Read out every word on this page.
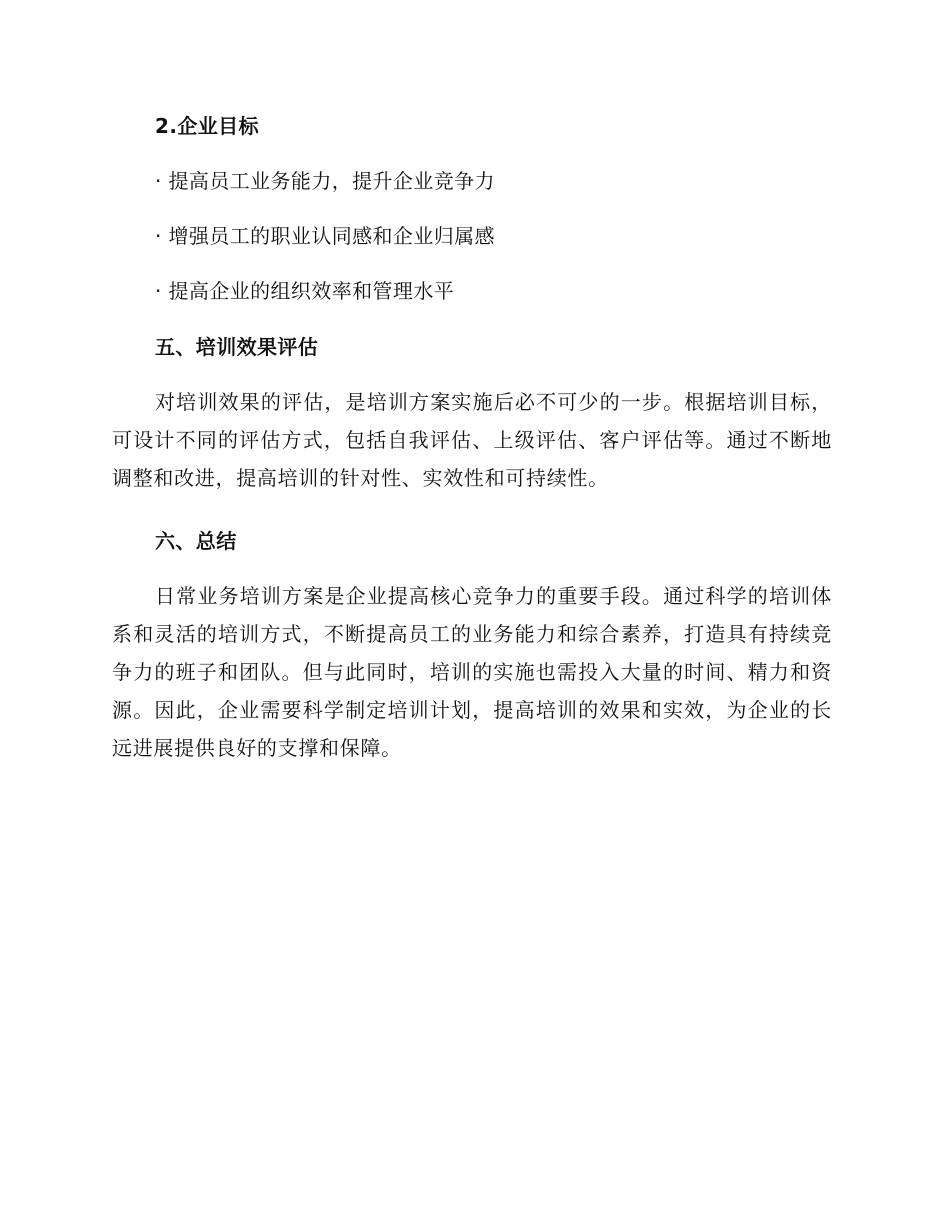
2.企业目标
· 提高员工业务能力，提升企业竞争力
· 增强员工的职业认同感和企业归属感
· 提高企业的组织效率和管理水平
五、培训效果评估

对培训效果的评估，是培训方案实施后必不可少的一步。根据培训目标，可设计不同的评估方式，包括自我评估、上级评估、客户评估等。通过不断地调整和改进，提高培训的针对性、实效性和可持续性。

六、总结

日常业务培训方案是企业提高核心竞争力的重要手段。通过科学的培训体系和灵活的培训方式，不断提高员工的业务能力和综合素养，打造具有持续竞争力的班子和团队。但与此同时，培训的实施也需投入大量的时间、精力和资源。因此，企业需要科学制定培训计划，提高培训的效果和实效，为企业的长远进展提供良好的支撑和保障。
